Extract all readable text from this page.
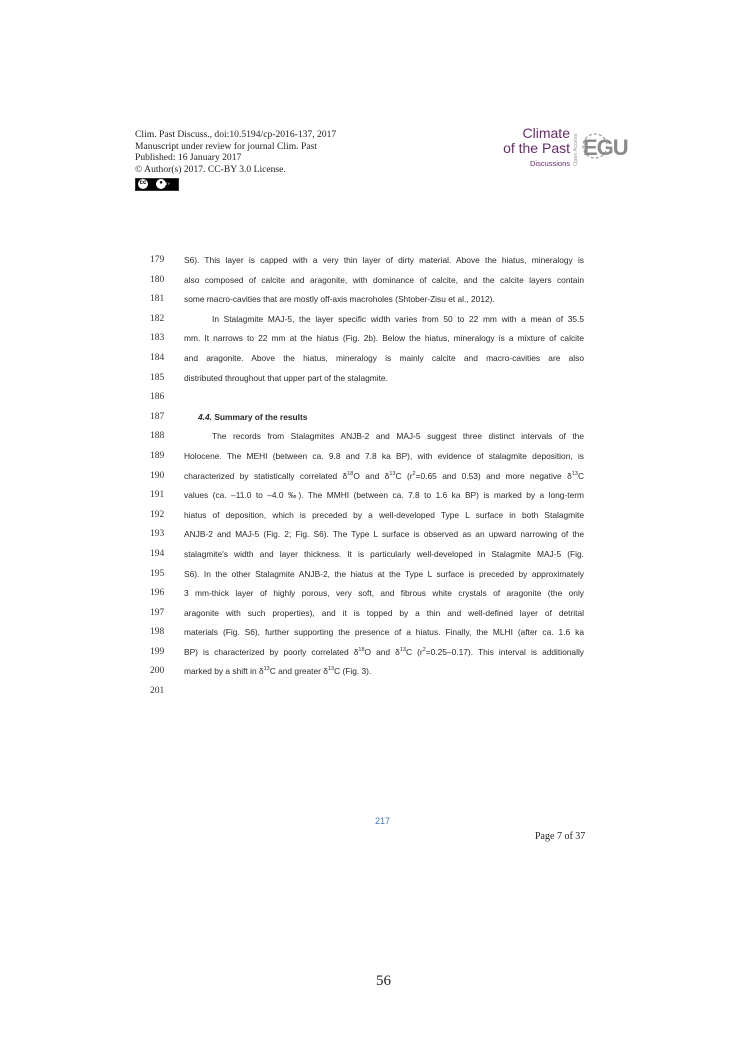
Clim. Past Discuss., doi:10.5194/cp-2016-137, 2017
Manuscript under review for journal Clim. Past
Published: 16 January 2017
© Author(s) 2017. CC-BY 3.0 License.
cc	● BY
Climate
of the Past
Discussions Open Access EGU
179	S6). This layer is capped with a very thin layer of dirty material. Above the hiatus, mineralogy is
180	also composed of calcite and aragonite, with dominance of calcite, and the calcite layers contain
181	some macro-cavities that are mostly off-axis macroholes (Shtober-Zisu et al., 2012).
182	In Stalagmite MAJ-5, the layer specific width varies from 50 to 22 mm with a mean of 35.5
183	mm. It narrows to 22 mm at the hiatus (Fig. 2b). Below the hiatus, mineralogy is a mixture of calcite
184	and aragonite. Above the hiatus, mineralogy is mainly calcite and macro-cavities are also
185	distributed throughout that upper part of the stalagmite.
186
187	4.4. Summary of the results
188	The records from Stalagmites ANJB-2 and MAJ-5 suggest three distinct intervals of the
189	Holocene. The MEHI (between ca. 9.8 and 7.8 ka BP), with evidence of stalagmite deposition, is
190	characterized by statistically correlated $\delta^{18}O$ and $\delta^{13}C$ ($r^2=0.65$ and 0.53) and more negative $\delta^{13}C$
191	values (ca. –11.0 to –4.0 ‰). The MMHI (between ca. 7.8 to 1.6 ka BP) is marked by a long-term
192	hiatus of deposition, which is preceded by a well-developed Type L surface in both Stalagmite
193	ANJB-2 and MAJ-5 (Fig. 2; Fig. S6). The Type L surface is observed as an upward narrowing of the
194	stalagmite's width and layer thickness. It is particularly well-developed in Stalagmite MAJ-5 (Fig.
195	S6). In the other Stalagmite ANJB-2, the hiatus at the Type L surface is preceded by approximately
196	3 mm-thick layer of highly porous, very soft, and fibrous white crystals of aragonite (the only
197	aragonite with such properties), and it is topped by a thin and well-defined layer of detrital
198	materials (Fig. S6), further supporting the presence of a hiatus. Finally, the MLHI (after ca. 1.6 ka
199	BP) is characterized by poorly correlated $\delta^{18}O$ and $\delta^{13}C$ $(r^2=0.25-0.17)$. This interval is additionally
200	marked by a shift in $\delta^{13}C$ and greater $\delta^{13}C$ (Fig. 3).
201
217
Page 7 of 37
56
